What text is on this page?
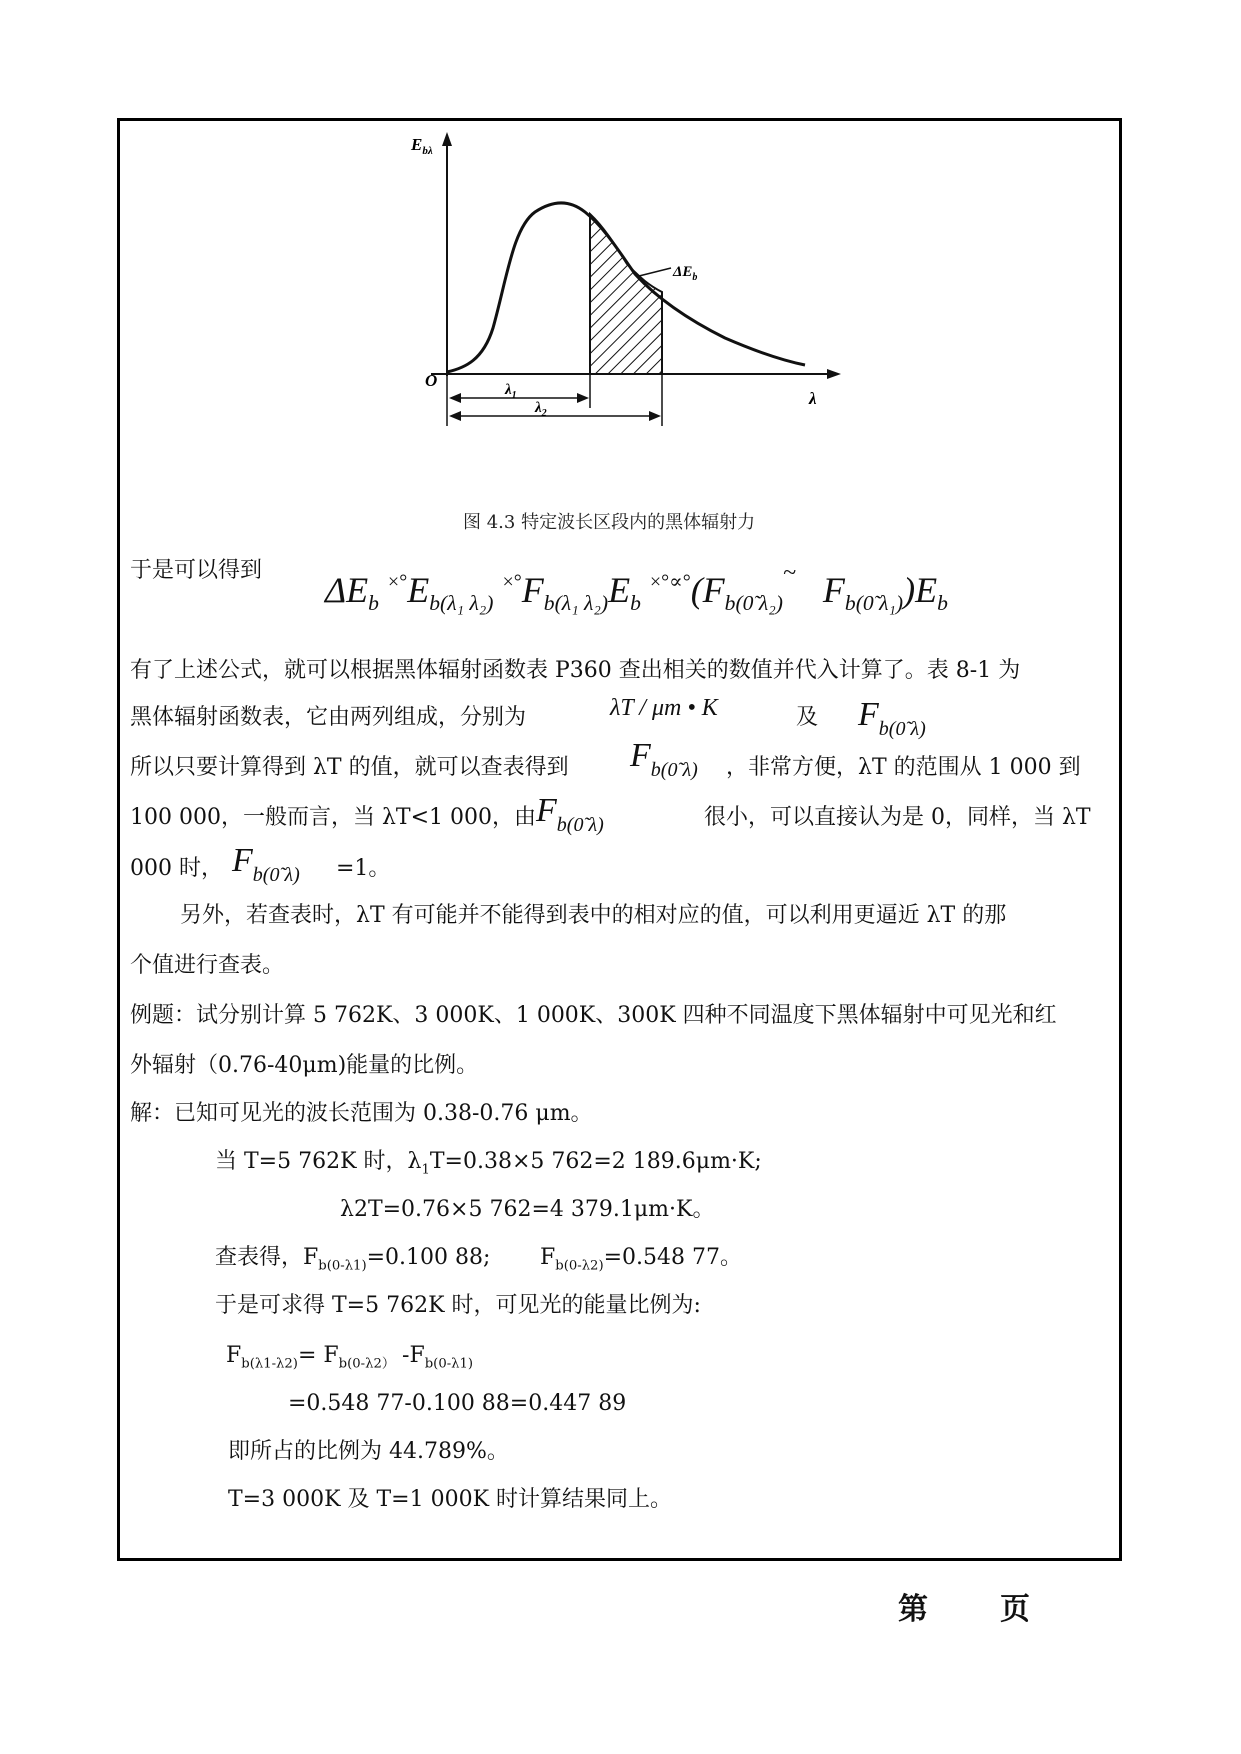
$E_{b\lambda}$
O
λ
$\Delta E_b$
$\lambda_1$
$\lambda_2$
图 4.3 特定波长区段内的黑体辐射力
于是可以得到 $\Delta E_b$ $^{\times^\circ}E_{b(\lambda_1 \lambda_2)}$ $^{\times^\circ}F_{b(\lambda_1 \lambda_2)}E_b$ $^{\times^\circ\propto^\circ}(F_{b(0̃ \lambda_2)}^\sim$ $F_{b(0̃ \lambda_1)})E_b$
有了上述公式，就可以根据黑体辐射函数表 P360 查出相关的数值并代入计算了。表 8-1 为
黑体辐射函数表，它由两列组成，分别为	λT / μm • K	及 $F_{b(0̃ \lambda)}$
所以只要计算得到 λT 的值，就可以查表得到 $F_{b(0̃ \lambda)}$ ，非常方便，λT 的范围从 1 000 到
100 000，一般而言，当 λT<1 000，由 $F_{b(0̃ \lambda)}$	很小，可以直接认为是 0，同样，当 λT
000 时， $F_{b(0̃ \lambda)} =1$。
另外，若查表时，λT 有可能并不能得到表中的相对应的值，可以利用更逼近 λT 的那
个值进行查表。
例题：试分别计算 5 762K、3 000K、1 000K、300K 四种不同温度下黑体辐射中可见光和红
外辐射（0.76-40μm)能量的比例。
解：已知可见光的波长范围为 0.38-0.76 μm。
当 T=5 762K 时，$\lambda_1T=0.38\times 5$ 762=2 189.6μm·K;
λ2T=0.76×5 762=4 379.1μm·K。
查表得，$F_{b(0-\lambda 1)}=0.100$ 88; $F_{b(0-\lambda 2)}=0.548$ 77。
于是可求得 T=5 762K 时，可见光的能量比例为:
$F_{b(\lambda 1-\lambda 2)}= F_{b(0-\lambda 2)}$ $-F_{b(0-\lambda 1)}$
=0.548 77-0.100 88=0.447 89
即所占的比例为 44.789%。
T=3 000K 及 T=1 000K 时计算结果同上。
第 页
